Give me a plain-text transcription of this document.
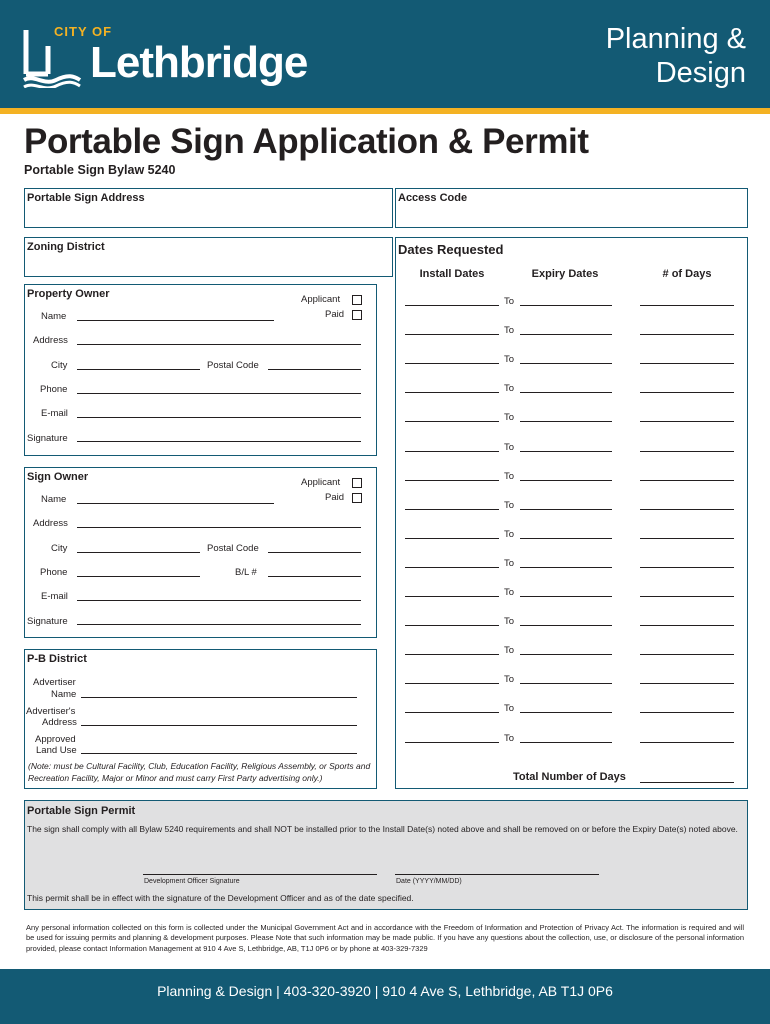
CITY OF
Lethbridge	Planning &
Design
Portable Sign Application & Permit
Portable Sign Bylaw 5240
Portable Sign Address	Access Code
Zoning District
Property Owner	Applicant
Paid
Name
Address
City	Postal Code
Phone
E-mail
Signature
Sign Owner	Applicant
Paid
Name
Address
City	Postal Code
Phone	B/L #
E-mail
Signature
P-B District
Advertiser
Name
Advertiser's
Address
Approved
Land Use
(Note: must be Cultural Facility, Club, Education Facility, Religious Assembly, or Sports and Recreation Facility, Major or Minor and must carry First Party advertising only.)
Dates Requested
Install Dates	Expiry Dates	# of Days
To
To
To
To
To
To
To
To
To
To
To
To
To
To
To
To
Total Number of Days
Portable Sign Permit
The sign shall comply with all Bylaw 5240 requirements and shall NOT be installed prior to the Install Date(s) noted above and shall be removed on or before the Expiry Date(s) noted above.
Development Officer Signature	Date (YYYY/MM/DD)
This permit shall be in effect with the signature of the Development Officer and as of the date specified.
Any personal information collected on this form is collected under the Municipal Government Act and in accordance with the Freedom of Information and Protection of Privacy Act. The information is required and will be used for issuing permits and planning & development purposes. Please Note that such information may be made public. If you have any questions about the collection, use, or disclosure of the personal information provided, please contact Information Management at 910 4 Ave S, Lethbridge, AB, T1J 0P6 or by phone at 403-329-7329
Planning & Design | 403-320-3920 | 910 4 Ave S, Lethbridge, AB T1J 0P6
